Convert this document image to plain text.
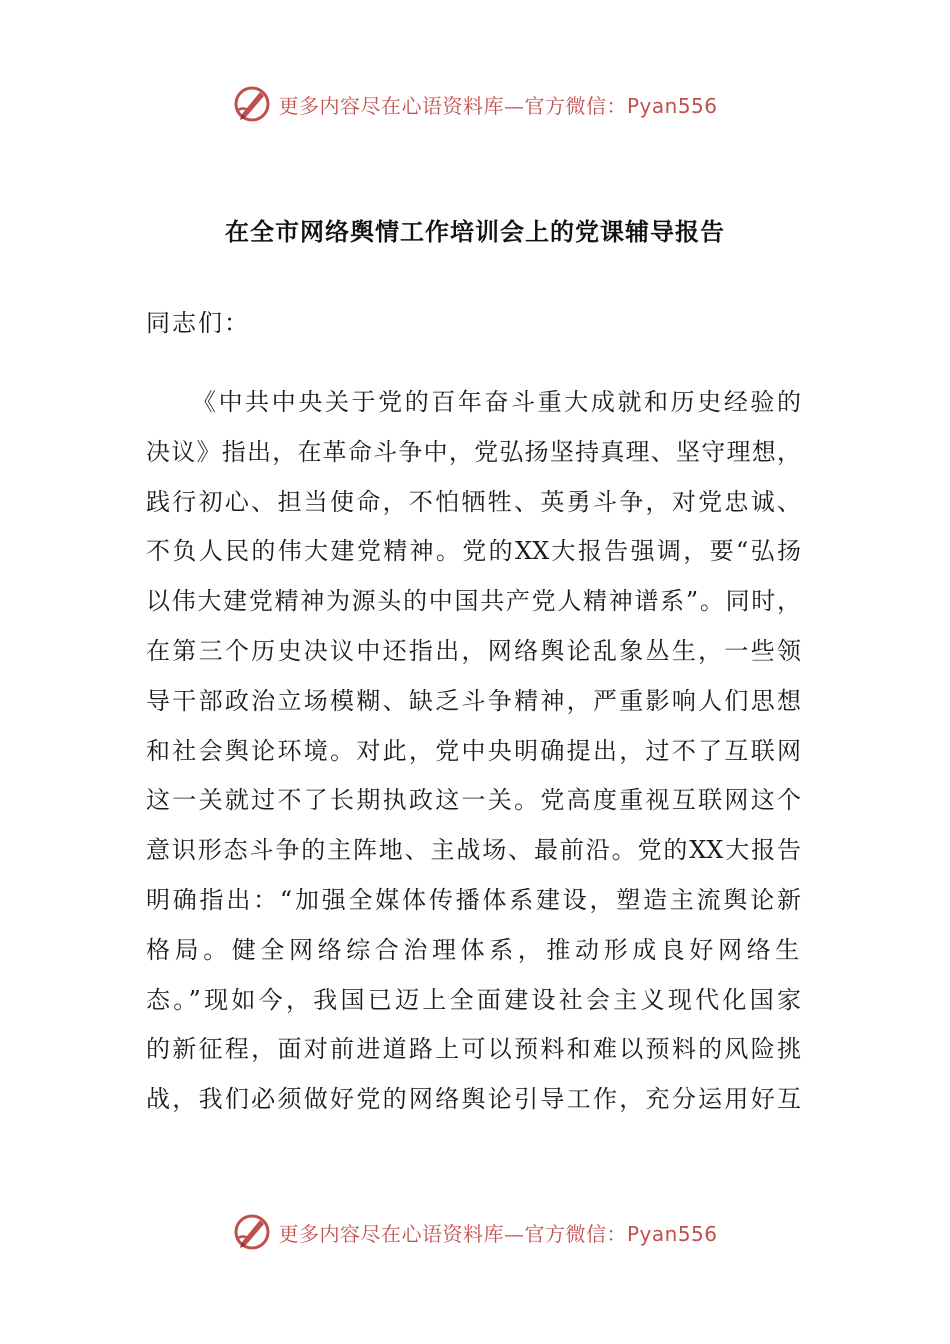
更多内容尽在心语资料库—官方微信：Pyan556
在全市网络舆情工作培训会上的党课辅导报告
同志们：
《中共中央关于党的百年奋斗重大成就和历史经验的
决议》指出，在革命斗争中，党弘扬坚持真理、坚守理想，
践行初心、担当使命，不怕牺牲、英勇斗争，对党忠诚、
不负人民的伟大建党精神。党的XX大报告强调，要“弘扬
以伟大建党精神为源头的中国共产党人精神谱系”。同时，
在第三个历史决议中还指出，网络舆论乱象丛生，一些领
导干部政治立场模糊、缺乏斗争精神，严重影响人们思想
和社会舆论环境。对此，党中央明确提出，过不了互联网
这一关就过不了长期执政这一关。党高度重视互联网这个
意识形态斗争的主阵地、主战场、最前沿。党的XX大报告
明确指出：“加强全媒体传播体系建设，塑造主流舆论新
格局。健全网络综合治理体系，推动形成良好网络生
态。”现如今，我国已迈上全面建设社会主义现代化国家
的新征程，面对前进道路上可以预料和难以预料的风险挑
战，我们必须做好党的网络舆论引导工作，充分运用好互
更多内容尽在心语资料库—官方微信：Pyan556
